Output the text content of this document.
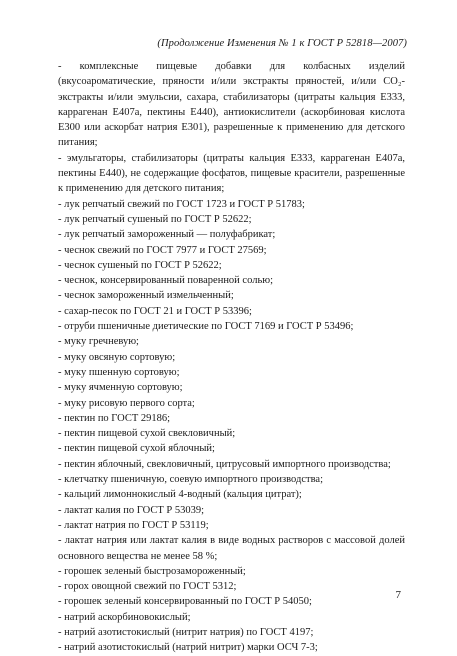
(Продолжение Изменения № 1 к ГОСТ Р 52818—2007)

- комплексные пищевые добавки для колбасных изделий (вкусоароматические, пряности и/или экстракты пряностей, и/или CO₂-экстракты и/или эмульсии, сахара, стабилизаторы (цитраты кальция Е333, каррагенан Е407а, пектины Е440), антиокислители (аскорбиновая кислота Е300 или аскорбат натрия Е301), разрешенные к применению для детского питания;

- эмульгаторы, стабилизаторы (цитраты кальция Е333, каррагенан Е407а, пектины Е440), не содержащие фосфатов, пищевые красители, разрешенные к применению для детского питания;

- лук репчатый свежий по ГОСТ 1723 и ГОСТ Р 51783;

- лук репчатый сушеный по ГОСТ Р 52622;

- лук репчатый замороженный — полуфабрикат;

- чеснок свежий по ГОСТ 7977 и ГОСТ 27569;

- чеснок сушеный по ГОСТ Р 52622;

- чеснок, консервированный поваренной солью;

- чеснок замороженный измельченный;

- сахар-песок по ГОСТ 21 и ГОСТ Р 53396;

- отруби пшеничные диетические по ГОСТ 7169 и ГОСТ Р 53496;

- муку гречневую;

- муку овсяную сортовую;

- муку пшенную сортовую;

- муку ячменную сортовую;

- муку рисовую первого сорта;

- пектин по ГОСТ 29186;

- пектин пищевой сухой свекловичный;

- пектин пищевой сухой яблочный;

- пектин яблочный, свекловичный, цитрусовый импортного производства;

- клетчатку пшеничную, соевую импортного производства;

- кальций лимоннокислый 4-водный (кальция цитрат);

- лактат калия по ГОСТ Р 53039;

- лактат натрия по ГОСТ Р 53119;

- лактат натрия или лактат калия в виде водных растворов с массовой долей основного вещества не менее 58 %;

- горошек зеленый быстрозамороженный;

- горох овощной свежий по ГОСТ 5312;

- горошек зеленый консервированный по ГОСТ Р 54050;

- натрий аскорбиновокислый;

- натрий азотистокислый (нитрит натрия) по ГОСТ 4197;

- натрий азотистокислый (натрий нитрит) марки ОСЧ 7-3;

7
